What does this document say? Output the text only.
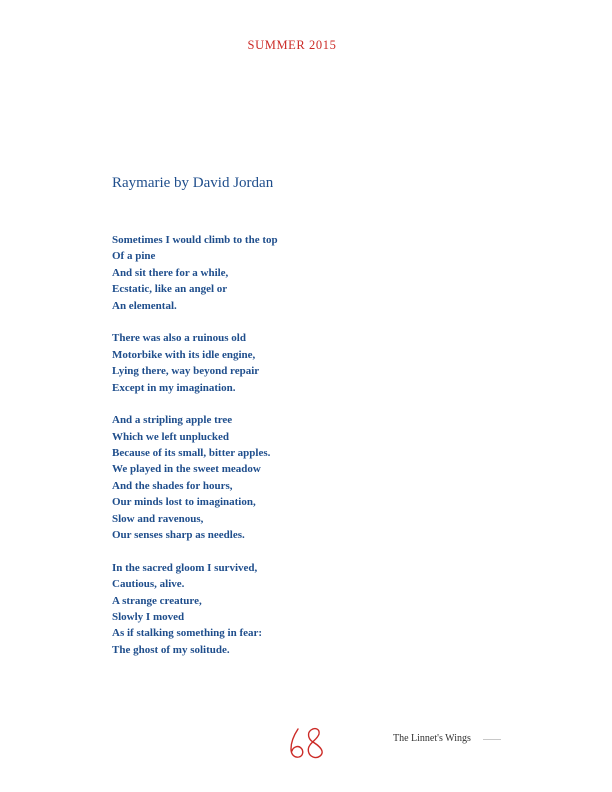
SUMMER 2015
Raymarie by David Jordan
Sometimes I would climb to the top
Of a pine
And sit there for a while,
Ecstatic, like an angel or
An elemental.
There was also a ruinous old
Motorbike with its idle engine,
Lying there, way beyond repair
Except in my imagination.
And a stripling apple tree
Which we left unplucked
Because of its small, bitter apples.
We played in the sweet meadow
And the shades for hours,
Our minds lost to imagination,
Slow and ravenous,
Our senses sharp as needles.
In the sacred gloom I survived,
Cautious, alive.
A strange creature,
Slowly I moved
As if stalking something in fear:
The ghost of my solitude.
The Linnet's Wings
